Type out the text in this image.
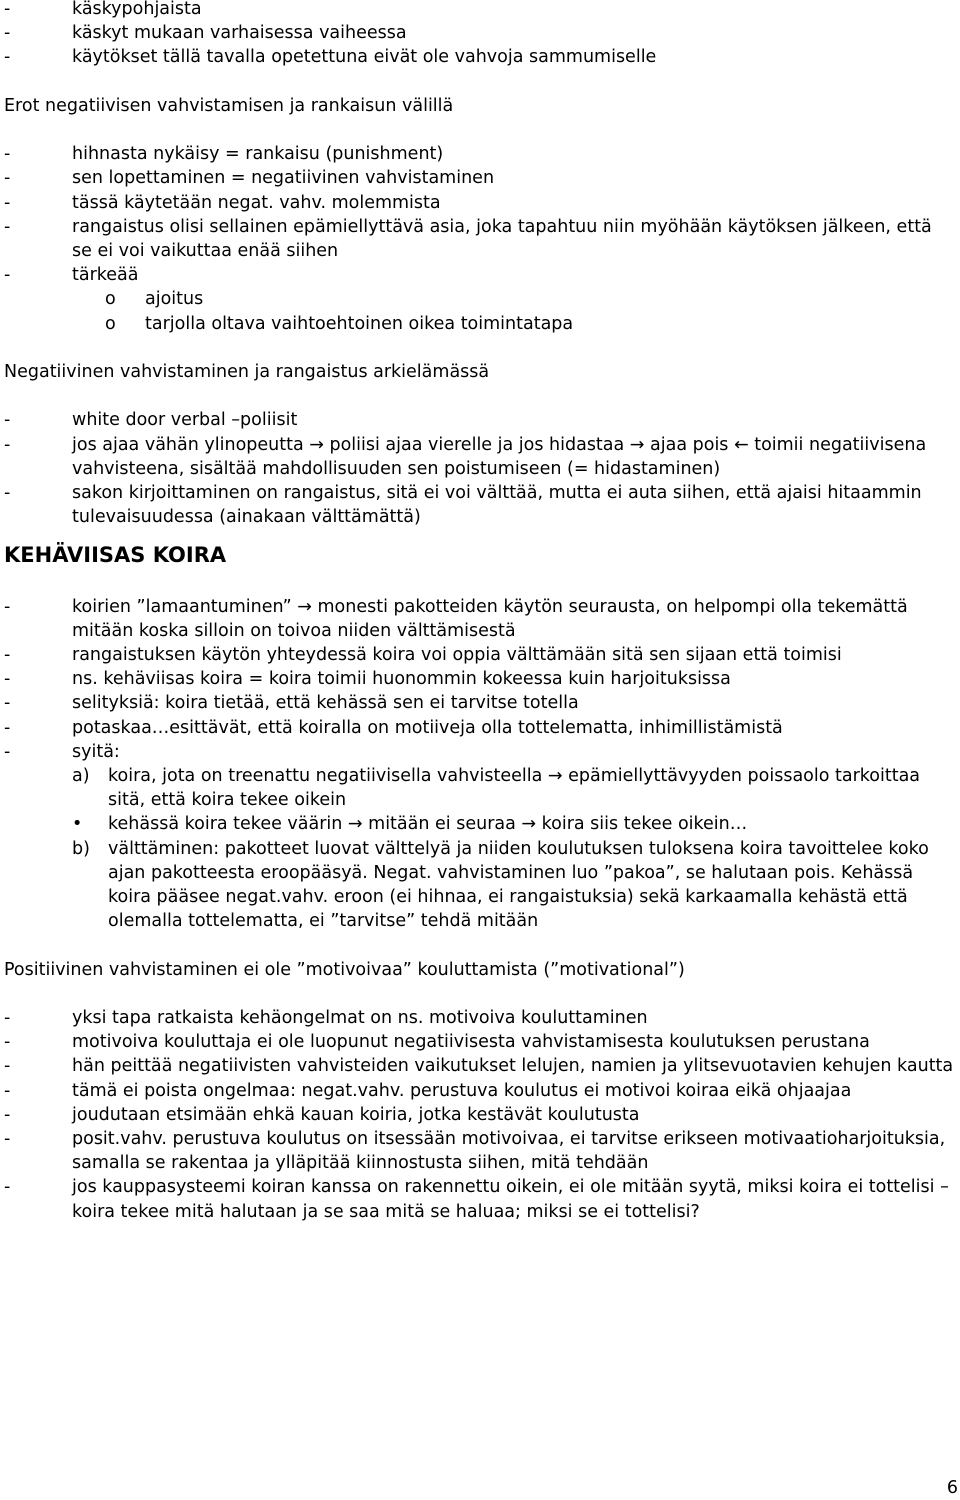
-	käskypohjaista
-	käskyt mukaan varhaisessa vaiheessa
-	käytökset tällä tavalla opetettuna eivät ole vahvoja sammumiselle
Erot negatiivisen vahvistamisen ja rankaisun välillä
-	hihnasta nykäisy = rankaisu (punishment)
-	sen lopettaminen = negatiivinen vahvistaminen
-	tässä käytetään negat. vahv. molemmista
-	rangaistus olisi sellainen epämiellyttävä asia, joka tapahtuu niin myöhään käytöksen jälkeen, että se ei voi vaikuttaa enää siihen
-	tärkeää
o ajoitus
o tarjolla oltava vaihtoehtoinen oikea toimintatapa
Negatiivinen vahvistaminen ja rangaistus arkielämässä
-	white door verbal –poliisit
-	jos ajaa vähän ylinopeutta → poliisi ajaa vierelle ja jos hidastaa → ajaa pois ← toimii negatiivisena vahvisteena, sisältää mahdollisuuden sen poistumiseen (= hidastaminen)
-	sakon kirjoittaminen on rangaistus, sitä ei voi välttää, mutta ei auta siihen, että ajaisi hitaammin tulevaisuudessa (ainakaan välttämättä)
KEHÄVIISAS KOIRA
-	koirien ”lamaantuminen” → monesti pakotteiden käytön seurausta, on helpompi olla tekemättä mitään koska silloin on toivoa niiden välttämisestä
-	rangaistuksen käytön yhteydessä koira voi oppia välttämään sitä sen sijaan että toimisi
-	ns. kehäviisas koira = koira toimii huonommin kokeessa kuin harjoituksissa
-	selityksiä: koira tietää, että kehässä sen ei tarvitse totella
-	potaskaa…esittävät, että koiralla on motiiveja olla tottelematta, inhimillistämistä
-	syitä:
a) koira, jota on treenattu negatiivisella vahvisteella → epämiellyttävyyden poissaolo tarkoittaa sitä, että koira tekee oikein
• kehässä koira tekee väärin → mitään ei seuraa → koira siis tekee oikein…
b) välttäminen: pakotteet luovat välttelyä ja niiden koulutuksen tuloksena koira tavoittelee koko ajan pakotteesta eroopääsyä. Negat. vahvistaminen luo ”pakoa”, se halutaan pois. Kehässä koira pääsee negat.vahv. eroon (ei hihnaa, ei rangaistuksia) sekä karkaamalla kehästä että olemalla tottelematta, ei ”tarvitse” tehdä mitään
Positiivinen vahvistaminen ei ole ”motivoivaa” kouluttamista (”motivational”)
-	yksi tapa ratkaista kehäongelmat on ns. motivoiva kouluttaminen
-	motivoiva kouluttaja ei ole luopunut negatiivisesta vahvistamisesta koulutuksen perustana
-	hän peittää negatiivisten vahvisteiden vaikutukset lelujen, namien ja ylitsevuotavien kehujen kautta
-	tämä ei poista ongelmaa: negat.vahv. perustuva koulutus ei motivoi koiraa eikä ohjaajaa
-	joudutaan etsimään ehkä kauan koiria, jotka kestävät koulutusta
-	posit.vahv. perustuva koulutus on itsessään motivoivaa, ei tarvitse erikseen motivaatioharjoituksia, samalla se rakentaa ja ylläpitää kiinnostusta siihen, mitä tehdään
-	jos kauppasysteemi koiran kanssa on rakennettu oikein, ei ole mitään syytä, miksi koira ei tottelisi – koira tekee mitä halutaan ja se saa mitä se haluaa; miksi se ei tottelisi?
6
